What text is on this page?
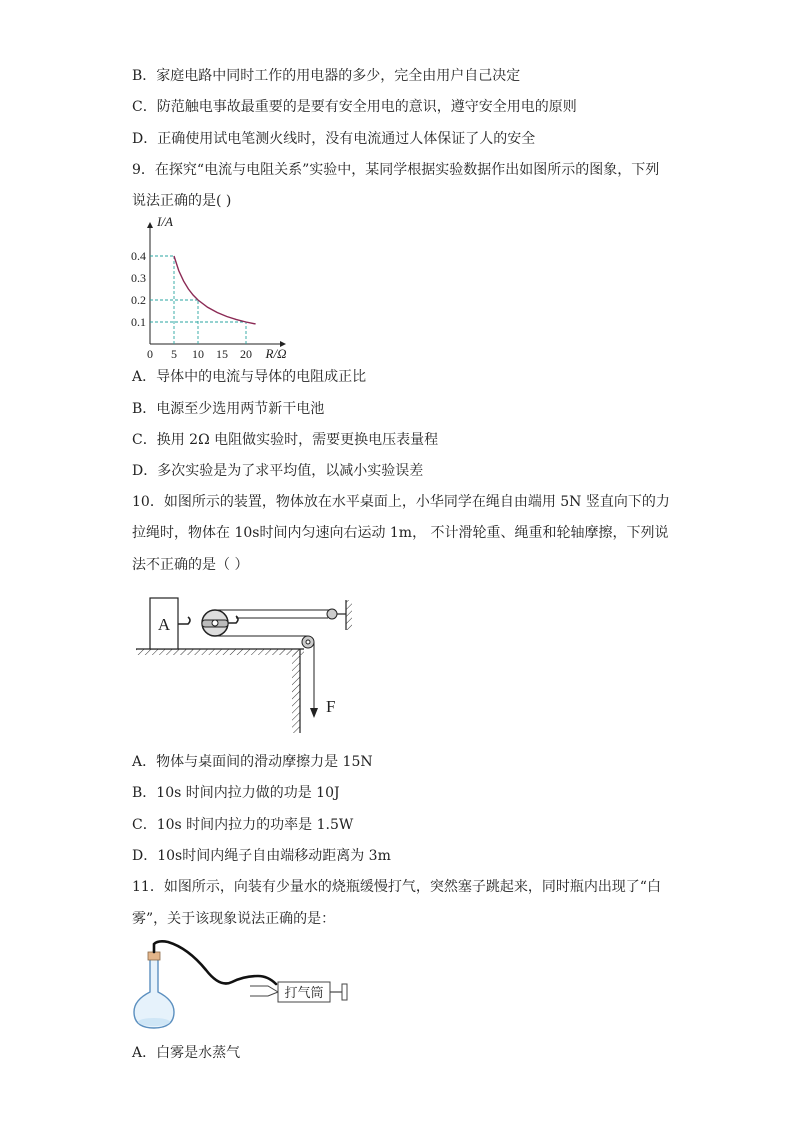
B．家庭电路中同时工作的用电器的多少，完全由用户自己决定
C．防范触电事故最重要的是要有安全用电的意识，遵守安全用电的原则
D．正确使用试电笔测火线时，没有电流通过人体保证了人的安全
9．在探究“电流与电阻关系”实验中，某同学根据实验数据作出如图所示的图象，下列
说法正确的是( )
0 5 10 15 20
0.1
0.2
0.3
0.4
I/A
R/Ω
A．导体中的电流与导体的电阻成正比
B．电源至少选用两节新干电池
C．换用 2Ω 电阻做实验时，需要更换电压表量程
D．多次实验是为了求平均值，以减小实验误差
10．如图所示的装置，物体放在水平桌面上，小华同学在绳自由端用 5N 竖直向下的力
拉绳时，物体在 10s时间内匀速向右运动 1m， 不计滑轮重、绳重和轮轴摩擦，下列说
法不正确的是（ ）
A
F
A．物体与桌面间的滑动摩擦力是 15N
B．10s 时间内拉力做的功是 10J
C．10s 时间内拉力的功率是 1.5W
D．10s时间内绳子自由端移动距离为 3m
11．如图所示，向装有少量水的烧瓶缓慢打气，突然塞子跳起来，同时瓶内出现了“白
雾”，关于该现象说法正确的是：
打气筒
A．白雾是水蒸气
